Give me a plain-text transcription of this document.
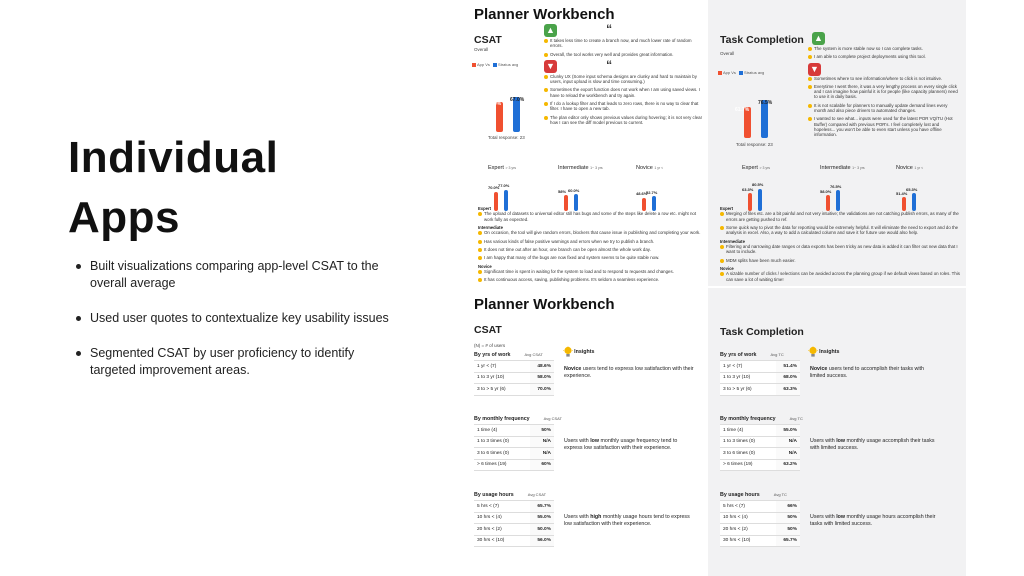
Individual Apps
Built visualizations comparing app-level CSAT to the overall average
Used user quotes to contextualize key usability issues
Segmented CSAT by user proficiency to identify targeted improvement areas.
Planner Workbench
CSAT
Overall
App Vs Stratus avg
58.0%
67.0%
Total response: 23
▲	“
It takes less time to create a branch now, and much lower rate of random errors.
Overall, the tool works very well and provides great information.
▼	“
Clunky UX (Some input schema designs are clunky and hard to maintain by users, input upload is slow and time consuming.)
Sometimes the export function does not work when I am using saved views. I have to reload the workbench and try again.
If I do a lookup filter and that leads to zero rows, there is no way to clear that filter. I have to open a new tab.
The plan editor only shows previous values during hovering; it is not very clear how I can see the diff model previous to current.
Expert > 3 yrs
70.0%
77.0%
Intermediate 1~ 3 yrs
58% 60.0%
Novice 1 yr <
48.6%
52.7%
Expert
The upload of datasets to universal editor still has bugs and some of the steps like delete a row etc. might not work fully as expected.
Intermediate
On occasion, the tool will give random errors, blockers that cause issue in publishing and completing your work.
Has various kinds of false positive warnings and errors when we try to publish a branch.
It does not time out after an hour, one branch can be open almost the whole work day.
I am happy that many of the bugs are now fixed and system seems to be quite stable now.
Novice
Significant time is spent in waiting for the system to load and to respond to requests and changes.
It has continuous access, saving, publishing problems. It's seldom a seamless experience.
Task Completion ▲
Overall
App Vs Stratus avg
61.7%
76.5%
Total response: 23
The system is more stable now so I can complete tasks.
I am able to complete project deployments using this tool.
▼
Sometimes where to see information/where to click is not intuitive.
Everytime I went there, it was a very lengthy process on every single click and I can imagine how painful it is for people (like capacity planners) need to use it in daily basis.
It is not scalable for planners to manually update demand lines every month and also piece drivers to automated changes.
I wanted to see what... inputs were used for the latest POR VQ/TU (Hot Buffer) compared with previous POR's. I feel completely lost and hopeless... you won't be able to even start unless you have offline information.
Expert > 3 yrs
63.3%
80.5%
Intermediate 1~ 3 yrs
58.0%
76.5%
Novice 1 yr <
51.4%
65.3%
Expert
Merging of files etc. are a bit painful and not very intuitive; the validations are not catching publish errors, as many of the errors are getting pushed to ref.
Some quick way to pivot the data for reporting would be extremely helpful. It will eliminate the need to export and do the analysis in excel. Also, a way to add a calculated column and save it for future use would also help.
Intermediate
Filtering and narrowing date ranges or data exports has been tricky as new data is added it can filter out new data that I want to include.
MDM splits have been much easier.
Novice
A sizable number of clicks / selections can be avoided across the planning group if we default views based on roles. This can save a lot of waiting time!
Planner Workbench
CSAT
(N) = # of users
Insights
By yrs of work	Avg CSAT
1 yr < (7)	48.6%
1 to 3 yr (10)	58.0%
3 to > 5 yr (6)	70.0%
Novice users tend to express low satisfaction with their experience.
By monthly frequency	Avg CSAT
1 time (4)	50%
1 to 3 times (0)	N/A
3 to 6 times (0)	N/A
> 6 times (19)	60%
Users with low monthly usage frequency tend to express low satisfaction with their experience.
By usage hours	Avg CSAT
5 hrs < (7)	65.7%
10 hrs < (4)	55.0%
20 hrs < (2)	50.0%
30 hrs < (10)	56.0%
Users with high monthly usage hours tend to express low satisfaction with their experience.
Task Completion
Insights
By yrs of work	Avg TC
1 yr < (7)	51.4%
1 to 3 yr (10)	68.0%
3 to > 5 yr (6)	63.3%
Novice users tend to accomplish their tasks with limited success.
By monthly frequency	Avg TC
1 time (4)	55.0%
1 to 3 times (0)	N/A
3 to 6 times (0)	N/A
> 6 times (19)	63.2%
Users with low monthly usage accomplish their tasks with limited success.
By usage hours	Avg TC
5 hrs < (7)	66%
10 hrs < (4)	50%
20 hrs < (2)	50%
30 hrs < (10)	65.7%
Users with low monthly usage hours accomplish their tasks with limited success.
